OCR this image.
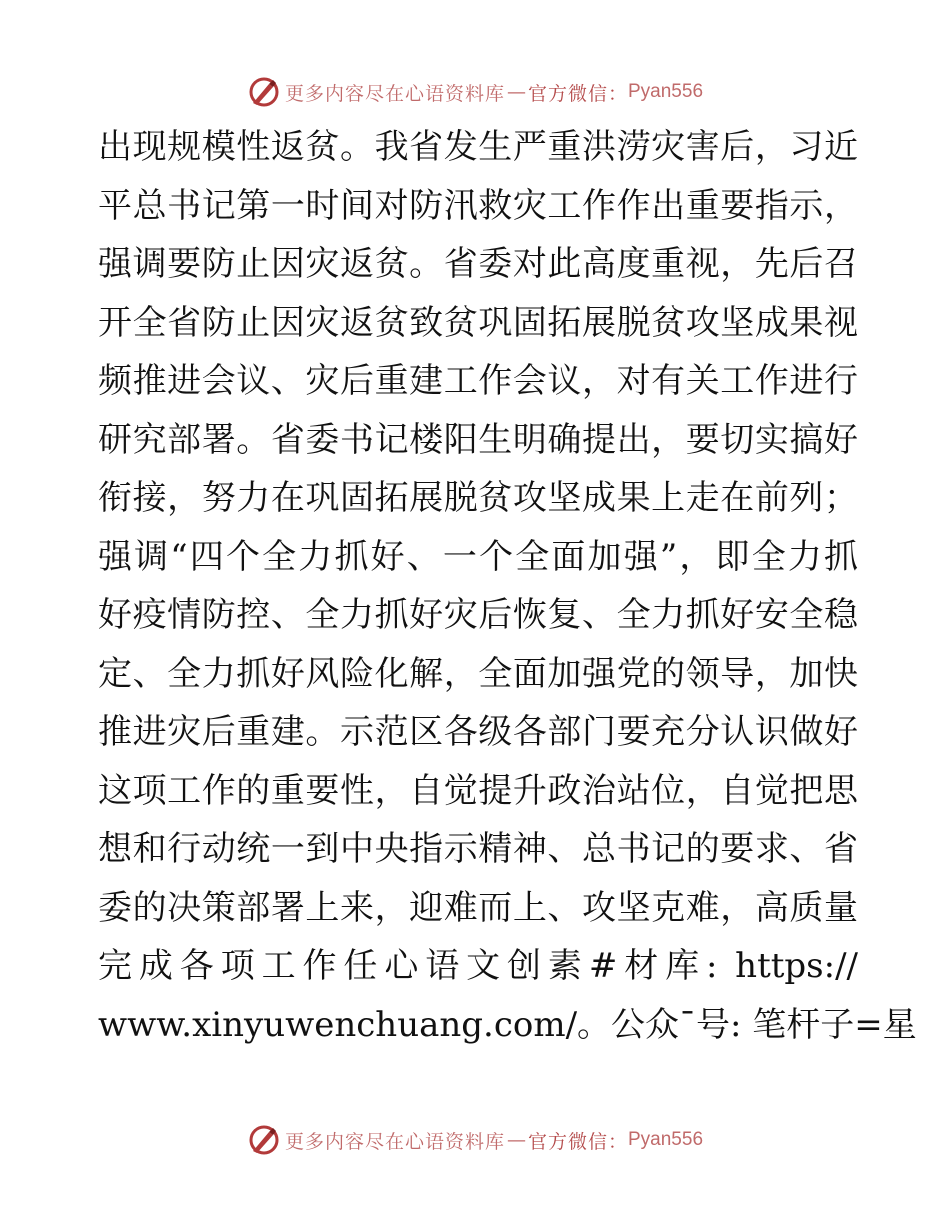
更多内容尽在心语资料库 — 官方微信： Pyan556
出现规模性返贫。我省发生严重洪涝灾害后，习近
平总书记第一时间对防汛救灾工作作出重要指示，
强调要防止因灾返贫。省委对此高度重视，先后召
开全省防止因灾返贫致贫巩固拓展脱贫攻坚成果视
频推进会议、灾后重建工作会议，对有关工作进行
研究部署。省委书记楼阳生明确提出，要切实搞好
衔接，努力在巩固拓展脱贫攻坚成果上走在前列；
强调“四个全力抓好、一个全面加强”，即全力抓
好疫情防控、全力抓好灾后恢复、全力抓好安全稳
定、全力抓好风险化解，全面加强党的领导，加快
推进灾后重建。示范区各级各部门要充分认识做好
这项工作的重要性，自觉提升政治站位，自觉把思
想和行动统一到中央指示精神、总书记的要求、省
委的决策部署上来，迎难而上、攻坚克难，高质量
完成各项工作任心语文创素#材库: https://
www.xinyuwenchuang.com/。公众¯号: 笔杆子=星
更多内容尽在心语资料库 — 官方微信： Pyan556
